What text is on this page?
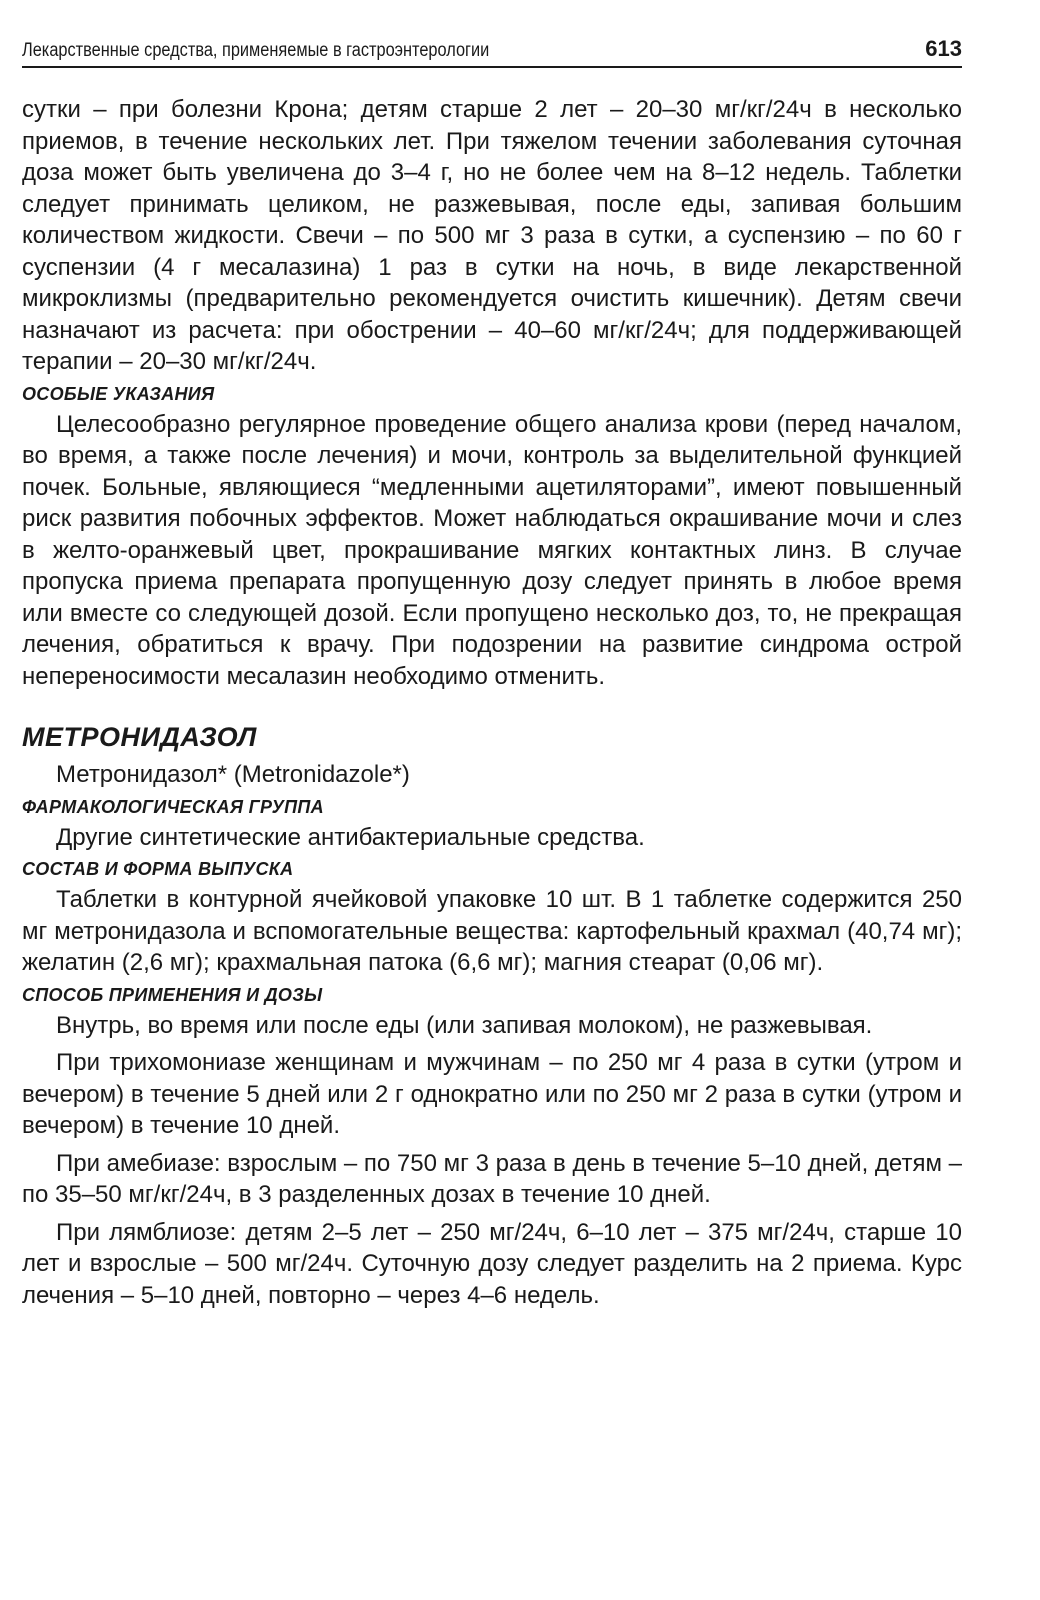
Лекарственные средства, применяемые в гастроэнтерологии	613

сутки – при болезни Крона; детям старше 2 лет – 20–30 мг/кг/24ч в несколько приемов, в течение нескольких лет. При тяжелом течении заболевания суточная доза может быть увеличена до 3–4 г, но не более чем на 8–12 недель. Таблетки следует принимать целиком, не разжевывая, после еды, запивая большим количеством жидкости. Свечи – по 500 мг 3 раза в сутки, а суспензию – по 60 г суспензии (4 г месалазина) 1 раз в сутки на ночь, в виде лекарственной микроклизмы (предварительно рекомендуется очистить кишечник). Детям свечи назначают из расчета: при обострении – 40–60 мг/кг/24ч; для поддерживающей терапии – 20–30 мг/кг/24ч.

ОСОБЫЕ УКАЗАНИЯ

Целесообразно регулярное проведение общего анализа крови (перед началом, во время, а также после лечения) и мочи, контроль за выделительной функцией почек. Больные, являющиеся “медленными ацетиляторами”, имеют повышенный риск развития побочных эффектов. Может наблюдаться окрашивание мочи и слез в желто-оранжевый цвет, прокрашивание мягких контактных линз. В случае пропуска приема препарата пропущенную дозу следует принять в любое время или вместе со следующей дозой. Если пропущено несколько доз, то, не прекращая лечения, обратиться к врачу. При подозрении на развитие синдрома острой непереносимости месалазин необходимо отменить.

МЕТРОНИДАЗОЛ

Метронидазол* (Metronidazole*)

ФАРМАКОЛОГИЧЕСКАЯ ГРУППА

Другие синтетические антибактериальные средства.

СОСТАВ И ФОРМА ВЫПУСКА

Таблетки в контурной ячейковой упаковке 10 шт. В 1 таблетке содержится 250 мг метронидазола и вспомогательные вещества: картофельный крахмал (40,74 мг); желатин (2,6 мг); крахмальная патока (6,6 мг); магния стеарат (0,06 мг).

СПОСОБ ПРИМЕНЕНИЯ И ДОЗЫ

Внутрь, во время или после еды (или запивая молоком), не разжевывая.

При трихомониазе женщинам и мужчинам – по 250 мг 4 раза в сутки (утром и вечером) в течение 5 дней или 2 г однократно или по 250 мг 2 раза в сутки (утром и вечером) в течение 10 дней.

При амебиазе: взрослым – по 750 мг 3 раза в день в течение 5–10 дней, детям – по 35–50 мг/кг/24ч, в 3 разделенных дозах в течение 10 дней.

При лямблиозе: детям 2–5 лет – 250 мг/24ч, 6–10 лет – 375 мг/24ч, старше 10 лет и взрослые – 500 мг/24ч. Суточную дозу следует разделить на 2 приема. Курс лечения – 5–10 дней, повторно – через 4–6 недель.
